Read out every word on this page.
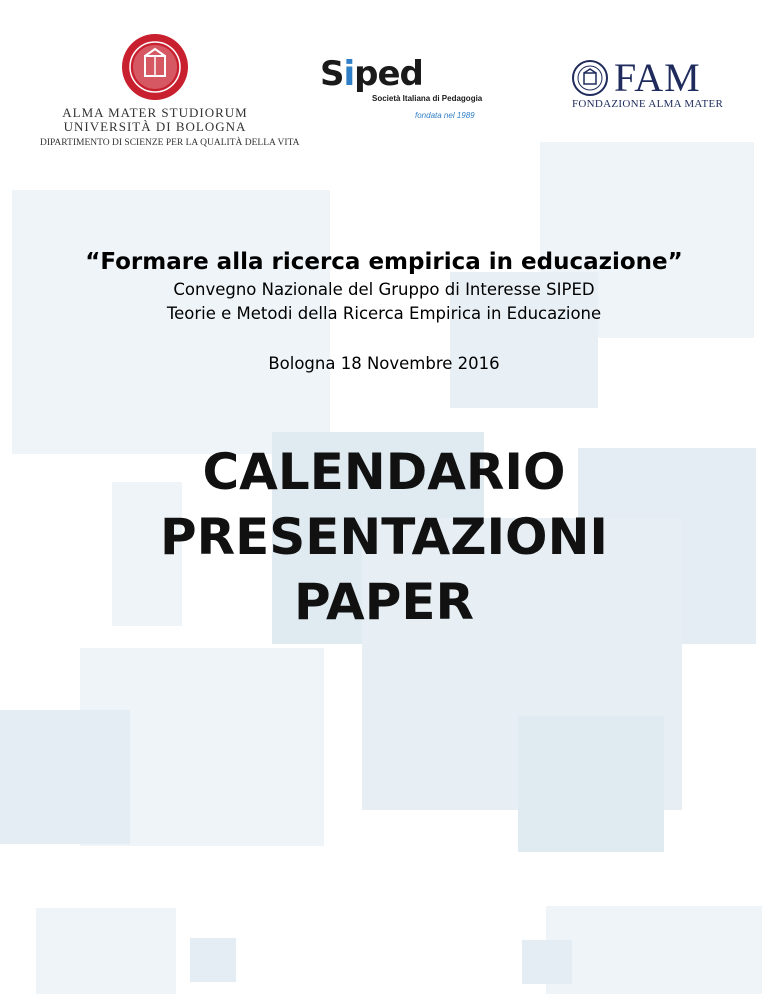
ALMA MATER STUDIORUM
UNIVERSITÀ DI BOLOGNA
DIPARTIMENTO DI SCIENZE PER LA QUALITÀ DELLA VITA
Siped
Società Italiana di Pedagogia
fondata nel 1989
FAM
FONDAZIONE ALMA MATER
“Formare alla ricerca empirica in educazione”
Convegno Nazionale del Gruppo di Interesse SIPED
Teorie e Metodi della Ricerca Empirica in Educazione
Bologna 18 Novembre 2016
CALENDARIO
PRESENTAZIONI
PAPER
